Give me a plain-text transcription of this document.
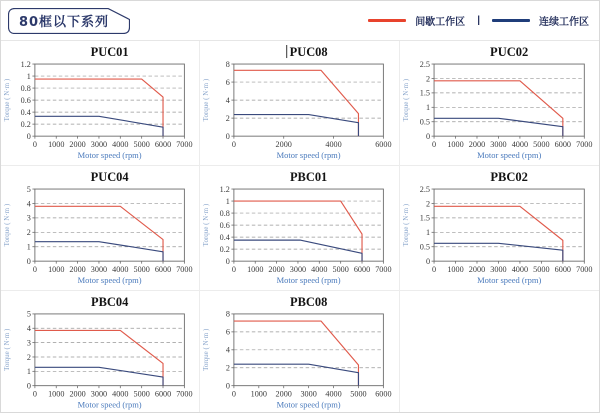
80框以下系列	间歇工作区	|	连续工作区
PUC01
0
0.2
0.4
0.6
0.8
1
1.2
0 1000 2000 3000 4000 5000 6000 7000
Motor speed (rpm)
Torque ( N·m )
PUC08
0
2
4
6
8
0	2000	4000	6000
Motor speed (rpm)
Torque ( N·m )
PUC02
0
0.5
1
1.5
2
2.5
0 1000 2000 3000 4000 5000 6000 7000
Motor speed (rpm)
Torque ( N·m )
PUC04
0
1
2
3
4
5
0 1000 2000 3000 4000 5000 6000 7000
Motor speed (rpm)
Torque ( N·m )
PBC01
0
0.2
0.4
0.6
0.8
1
1.2
0 1000 2000 3000 4000 5000 6000 7000
Motor speed (rpm)
Torque ( N·m )
PBC02
0
0.5
1
1.5
2
2.5
0 1000 2000 3000 4000 5000 6000 7000
Motor speed (rpm)
Torque ( N·m )
PBC04
0
1
2
3
4
5
0 1000 2000 3000 4000 5000 6000 7000
Motor speed (rpm)
Torque ( N·m )
PBC08
0
2
4
6
8
0 1000 2000 3000 4000 5000 6000
Motor speed (rpm)
Torque ( N·m )
